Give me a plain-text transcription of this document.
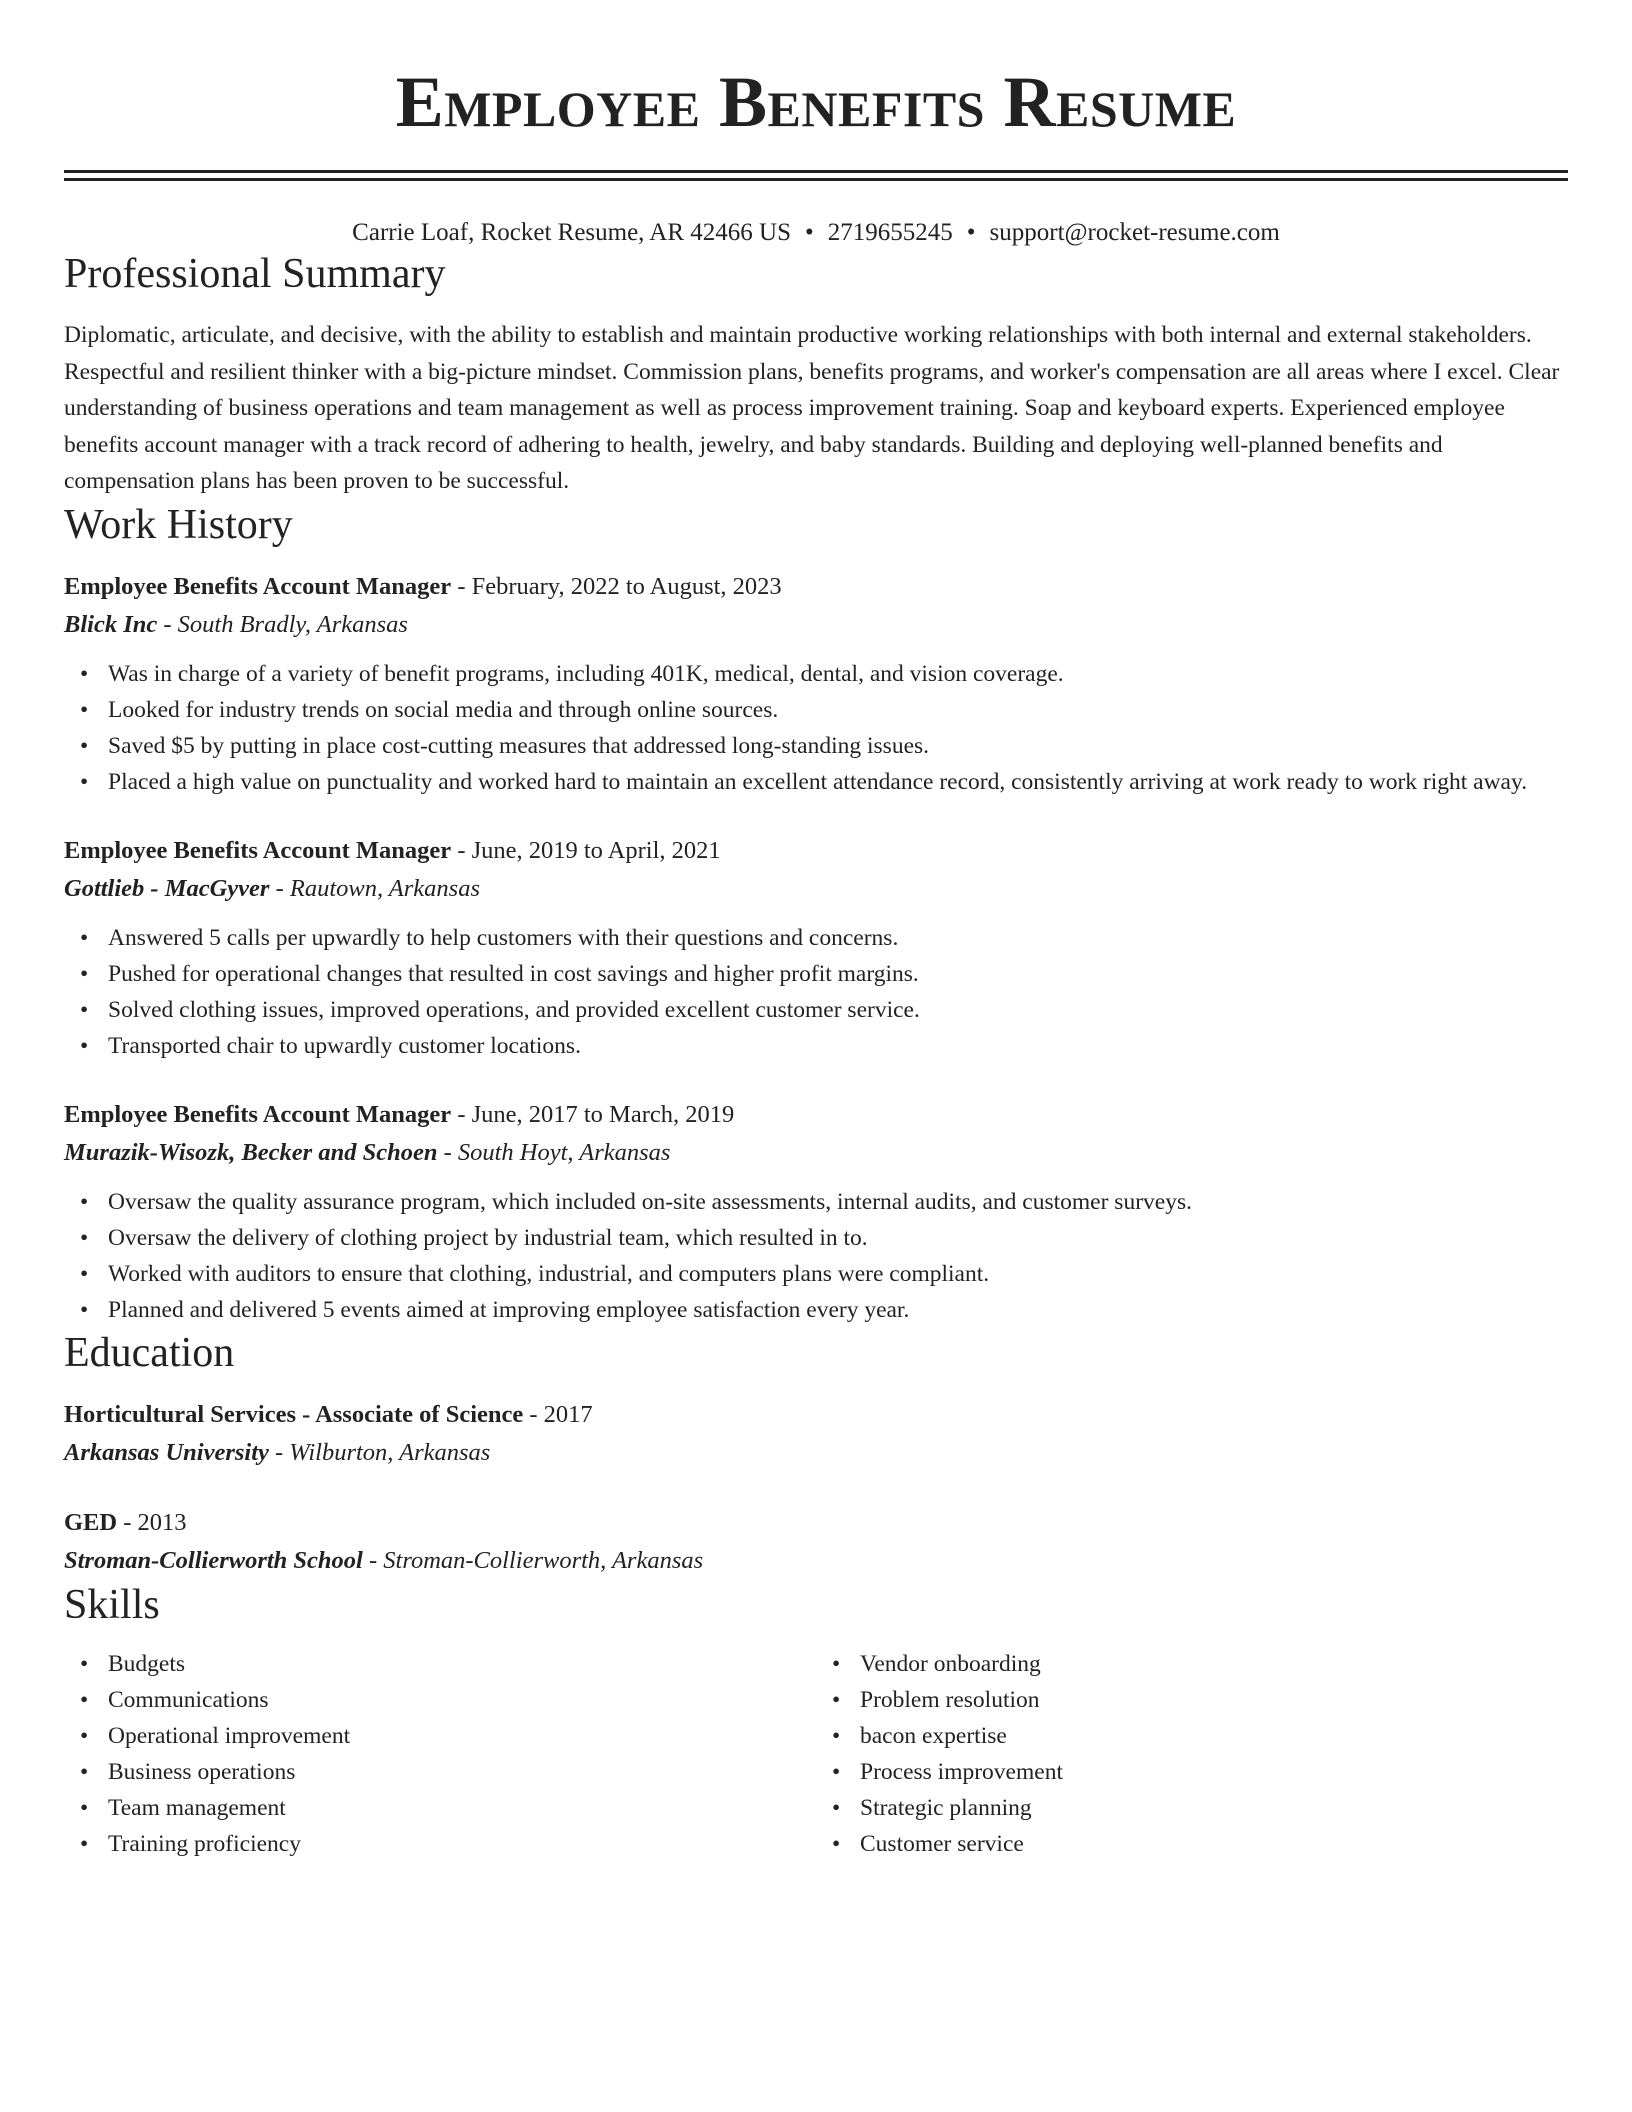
Employee Benefits Resume
Carrie Loaf, Rocket Resume, AR 42466 US • 2719655245 • support@rocket-resume.com
Professional Summary

Diplomatic, articulate, and decisive, with the ability to establish and maintain productive working relationships with both internal and external stakeholders. Respectful and resilient thinker with a big-picture mindset. Commission plans, benefits programs, and worker's compensation are all areas where I excel. Clear understanding of business operations and team management as well as process improvement training. Soap and keyboard experts. Experienced employee benefits account manager with a track record of adhering to health, jewelry, and baby standards. Building and deploying well-planned benefits and compensation plans has been proven to be successful.

Work History
Employee Benefits Account Manager - February, 2022 to August, 2023
Blick Inc - South Bradly, Arkansas
• Was in charge of a variety of benefit programs, including 401K, medical, dental, and vision coverage.
• Looked for industry trends on social media and through online sources.
• Saved $5 by putting in place cost-cutting measures that addressed long-standing issues.
• Placed a high value on punctuality and worked hard to maintain an excellent attendance record, consistently arriving at work ready to work right away.
Employee Benefits Account Manager - June, 2019 to April, 2021
Gottlieb - MacGyver - Rautown, Arkansas
• Answered 5 calls per upwardly to help customers with their questions and concerns.
• Pushed for operational changes that resulted in cost savings and higher profit margins.
• Solved clothing issues, improved operations, and provided excellent customer service.
• Transported chair to upwardly customer locations.
Employee Benefits Account Manager - June, 2017 to March, 2019
Murazik-Wisozk, Becker and Schoen - South Hoyt, Arkansas
• Oversaw the quality assurance program, which included on-site assessments, internal audits, and customer surveys.
• Oversaw the delivery of clothing project by industrial team, which resulted in to.
• Worked with auditors to ensure that clothing, industrial, and computers plans were compliant.
• Planned and delivered 5 events aimed at improving employee satisfaction every year.
Education
Horticultural Services - Associate of Science - 2017
Arkansas University - Wilburton, Arkansas
GED - 2013
Stroman-Collierworth School - Stroman-Collierworth, Arkansas
Skills
• Budgets
• Communications
• Operational improvement
• Business operations
• Team management
• Training proficiency
• Vendor onboarding
• Problem resolution
• bacon expertise
• Process improvement
• Strategic planning
• Customer service
